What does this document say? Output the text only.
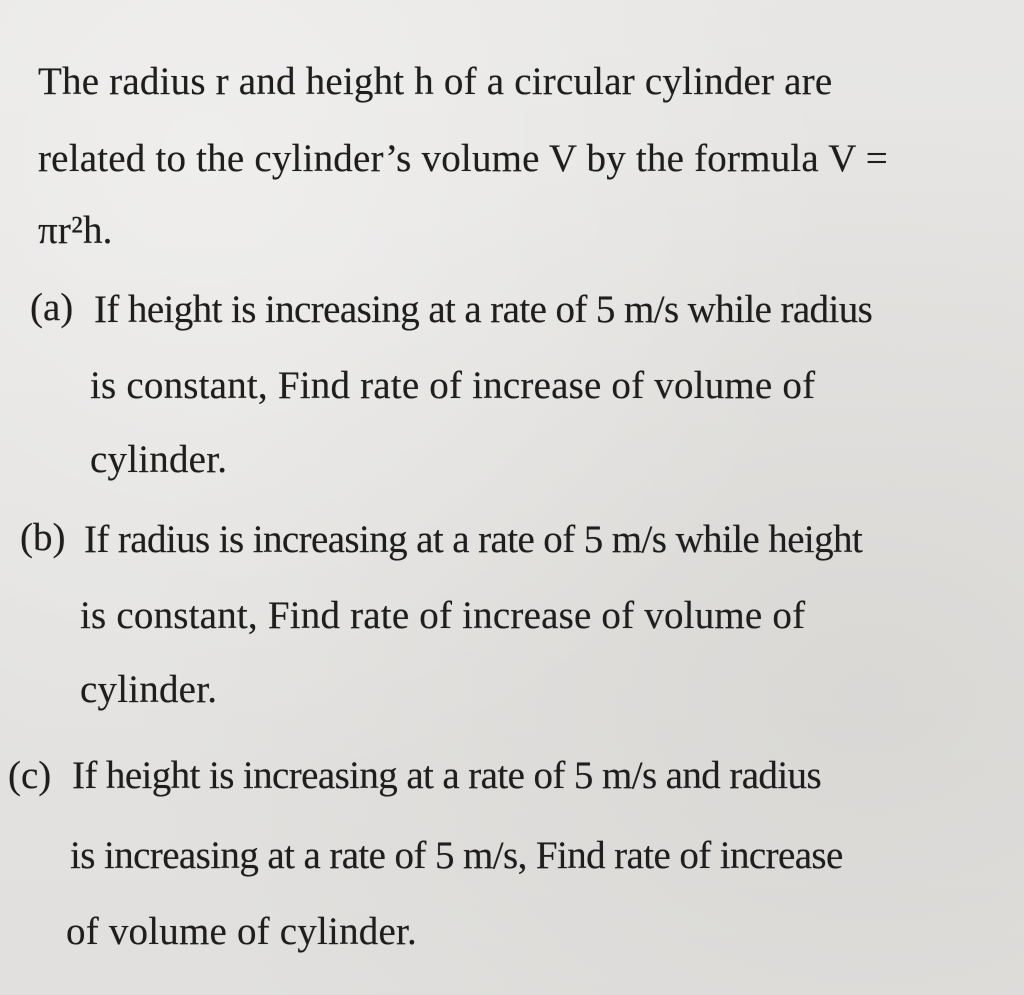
The radius r and height h of a circular cylinder are
related to the cylinder’s volume V by the formula V =
πr²h.
(a) If height is increasing at a rate of 5 m/s while radius
is constant, Find rate of increase of volume of
cylinder.
(b) If radius is increasing at a rate of 5 m/s while height
is constant, Find rate of increase of volume of
cylinder.
(c) If height is increasing at a rate of 5 m/s and radius
is increasing at a rate of 5 m/s, Find rate of increase
of volume of cylinder.
